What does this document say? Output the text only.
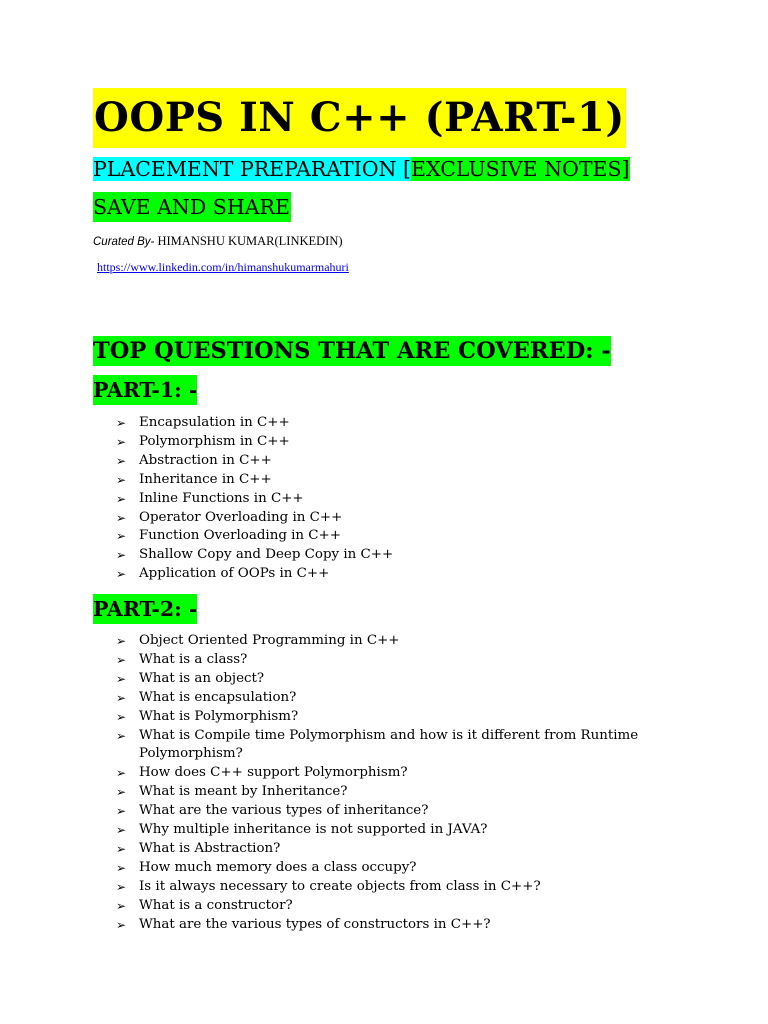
OOPS IN C++ (PART-1)
PLACEMENT PREPARATION [EXCLUSIVE NOTES]
SAVE AND SHARE
Curated By- HIMANSHU KUMAR(LINKEDIN)
https://www.linkedin.com/in/himanshukumarmahuri
TOP QUESTIONS THAT ARE COVERED: -
PART-1: -
➢ Encapsulation in C++
➢ Polymorphism in C++
➢ Abstraction in C++
➢ Inheritance in C++
➢ Inline Functions in C++
➢ Operator Overloading in C++
➢ Function Overloading in C++
➢ Shallow Copy and Deep Copy in C++
➢ Application of OOPs in C++
PART-2: -
➢ Object Oriented Programming in C++
➢ What is a class?
➢ What is an object?
➢ What is encapsulation?
➢ What is Polymorphism?
➢ What is Compile time Polymorphism and how is it different from Runtime Polymorphism?
➢ How does C++ support Polymorphism?
➢ What is meant by Inheritance?
➢ What are the various types of inheritance?
➢ Why multiple inheritance is not supported in JAVA?
➢ What is Abstraction?
➢ How much memory does a class occupy?
➢ Is it always necessary to create objects from class in C++?
➢ What is a constructor?
➢ What are the various types of constructors in C++?
